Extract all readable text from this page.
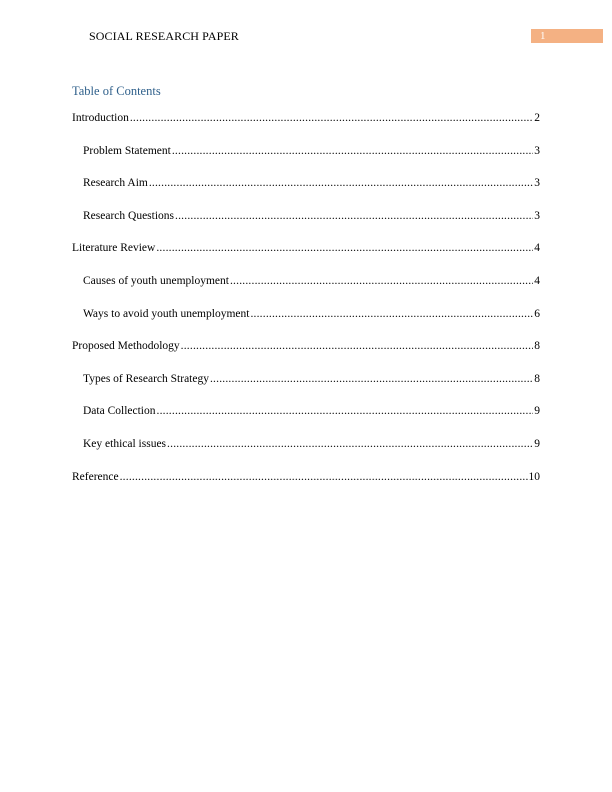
SOCIAL RESEARCH PAPER	1
Table of Contents
Introduction .....	2
Problem Statement .....	3
Research Aim .....	3
Research Questions .....	3
Literature Review .....	4
Causes of youth unemployment .....	4
Ways to avoid youth unemployment .....	6
Proposed Methodology .....	8
Types of Research Strategy .....	8
Data Collection .....	9
Key ethical issues .....	9
Reference .....	10
